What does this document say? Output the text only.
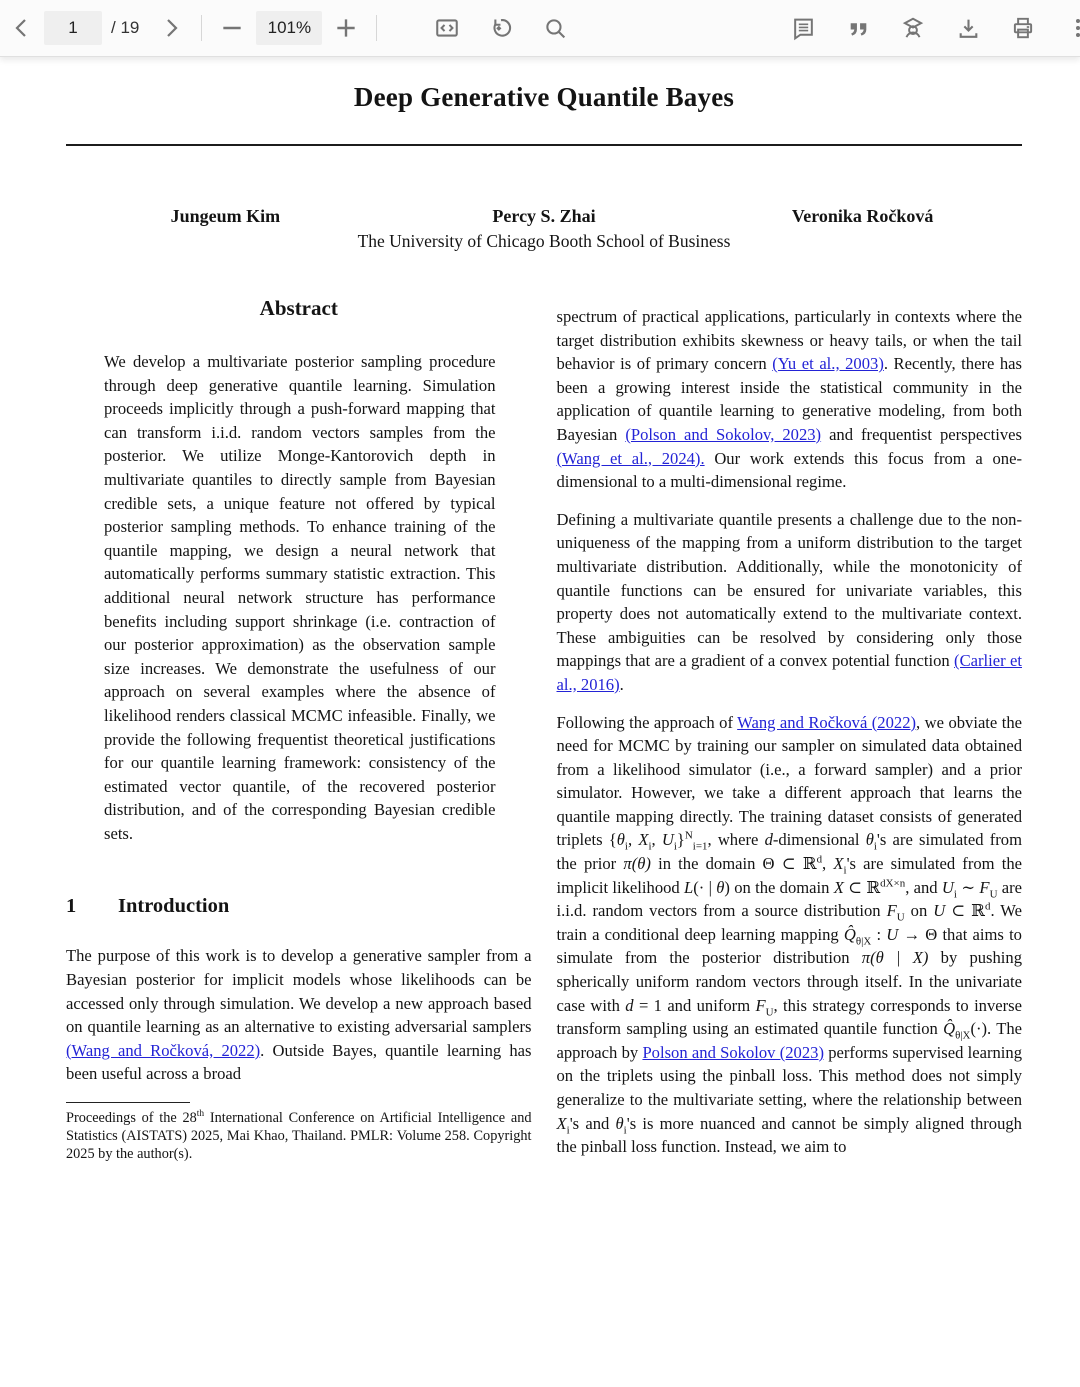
1
/ 19	101%
Deep Generative Quantile Bayes
Jungeum Kim	Percy S. Zhai	Veronika Ročková
The University of Chicago Booth School of Business
Abstract

We develop a multivariate posterior sampling procedure through deep generative quantile learning. Simulation proceeds implicitly through a push-forward mapping that can transform i.i.d. random vectors samples from the posterior. We utilize Monge-Kantorovich depth in multivariate quantiles to directly sample from Bayesian credible sets, a unique feature not offered by typical posterior sampling methods. To enhance training of the quantile mapping, we design a neural network that automatically performs summary statistic extraction. This additional neural network structure has performance benefits including support shrinkage (i.e. contraction of our posterior approximation) as the observation sample size increases. We demonstrate the usefulness of our approach on several examples where the absence of likelihood renders classical MCMC infeasible. Finally, we provide the following frequentist theoretical justifications for our quantile learning framework: consistency of the estimated vector quantile, of the recovered posterior distribution, and of the corresponding Bayesian credible sets.

1 Introduction

The purpose of this work is to develop a generative sampler from a Bayesian posterior for implicit models whose likelihoods can be accessed only through simulation. We develop a new approach based on quantile learning as an alternative to existing adversarial samplers (Wang and Ročková, 2022). Outside Bayes, quantile learning has been useful across a broad

Proceedings of the 28th International Conference on Artificial Intelligence and Statistics (AISTATS) 2025, Mai Khao, Thailand. PMLR: Volume 258. Copyright 2025 by the author(s).

spectrum of practical applications, particularly in contexts where the target distribution exhibits skewness or heavy tails, or when the tail behavior is of primary concern (Yu et al., 2003). Recently, there has been a growing interest inside the statistical community in the application of quantile learning to generative modeling, from both Bayesian (Polson and Sokolov, 2023) and frequentist perspectives (Wang et al., 2024). Our work extends this focus from a one-dimensional to a multi-dimensional regime.

Defining a multivariate quantile presents a challenge due to the non-uniqueness of the mapping from a uniform distribution to the target multivariate distribution. Additionally, while the monotonicity of quantile functions can be ensured for univariate variables, this property does not automatically extend to the multivariate context. These ambiguities can be resolved by considering only those mappings that are a gradient of a convex potential function (Carlier et al., 2016).

Following the approach of Wang and Ročková (2022), we obviate the need for MCMC by training our sampler on simulated data obtained from a likelihood simulator (i.e., a forward sampler) and a prior simulator. However, we take a different approach that learns the quantile mapping directly. The training dataset consists of generated triplets {$\theta_i$, $X_i$, $U_i\}^N_{i=1}$, where d-dimensional $\theta_i's$ are simulated from the prior π(θ) in the domain Θ ⊂ ℝ$^d$, $X_i's$ are simulated from the implicit likelihood L(· | θ) on the domain X ⊂ ℝ$^{dX\times n}$, and $U_i$ ∼ $F_U$ are i.i.d. random vectors from a source distribution $F_U$ on U ⊂ ℝ$^d$. We train a conditional deep learning mapping $Q̂_{\theta|X}$ : U → Θ that aims to simulate from the posterior distribution π(θ | X) by pushing spherically uniform random vectors through itself. In the univariate case with d = 1 and uniform $F_U$, this strategy corresponds to inverse transform sampling using an estimated quantile function $Q̂_{\theta|X}(\cdot)$. The approach by Polson and Sokolov (2023) performs supervised learning on the triplets using the pinball loss. This method does not simply generalize to the multivariate setting, where the relationship between $X_i's$ and $\theta_i's$ is more nuanced and cannot be simply aligned through the pinball loss function. Instead, we aim to
